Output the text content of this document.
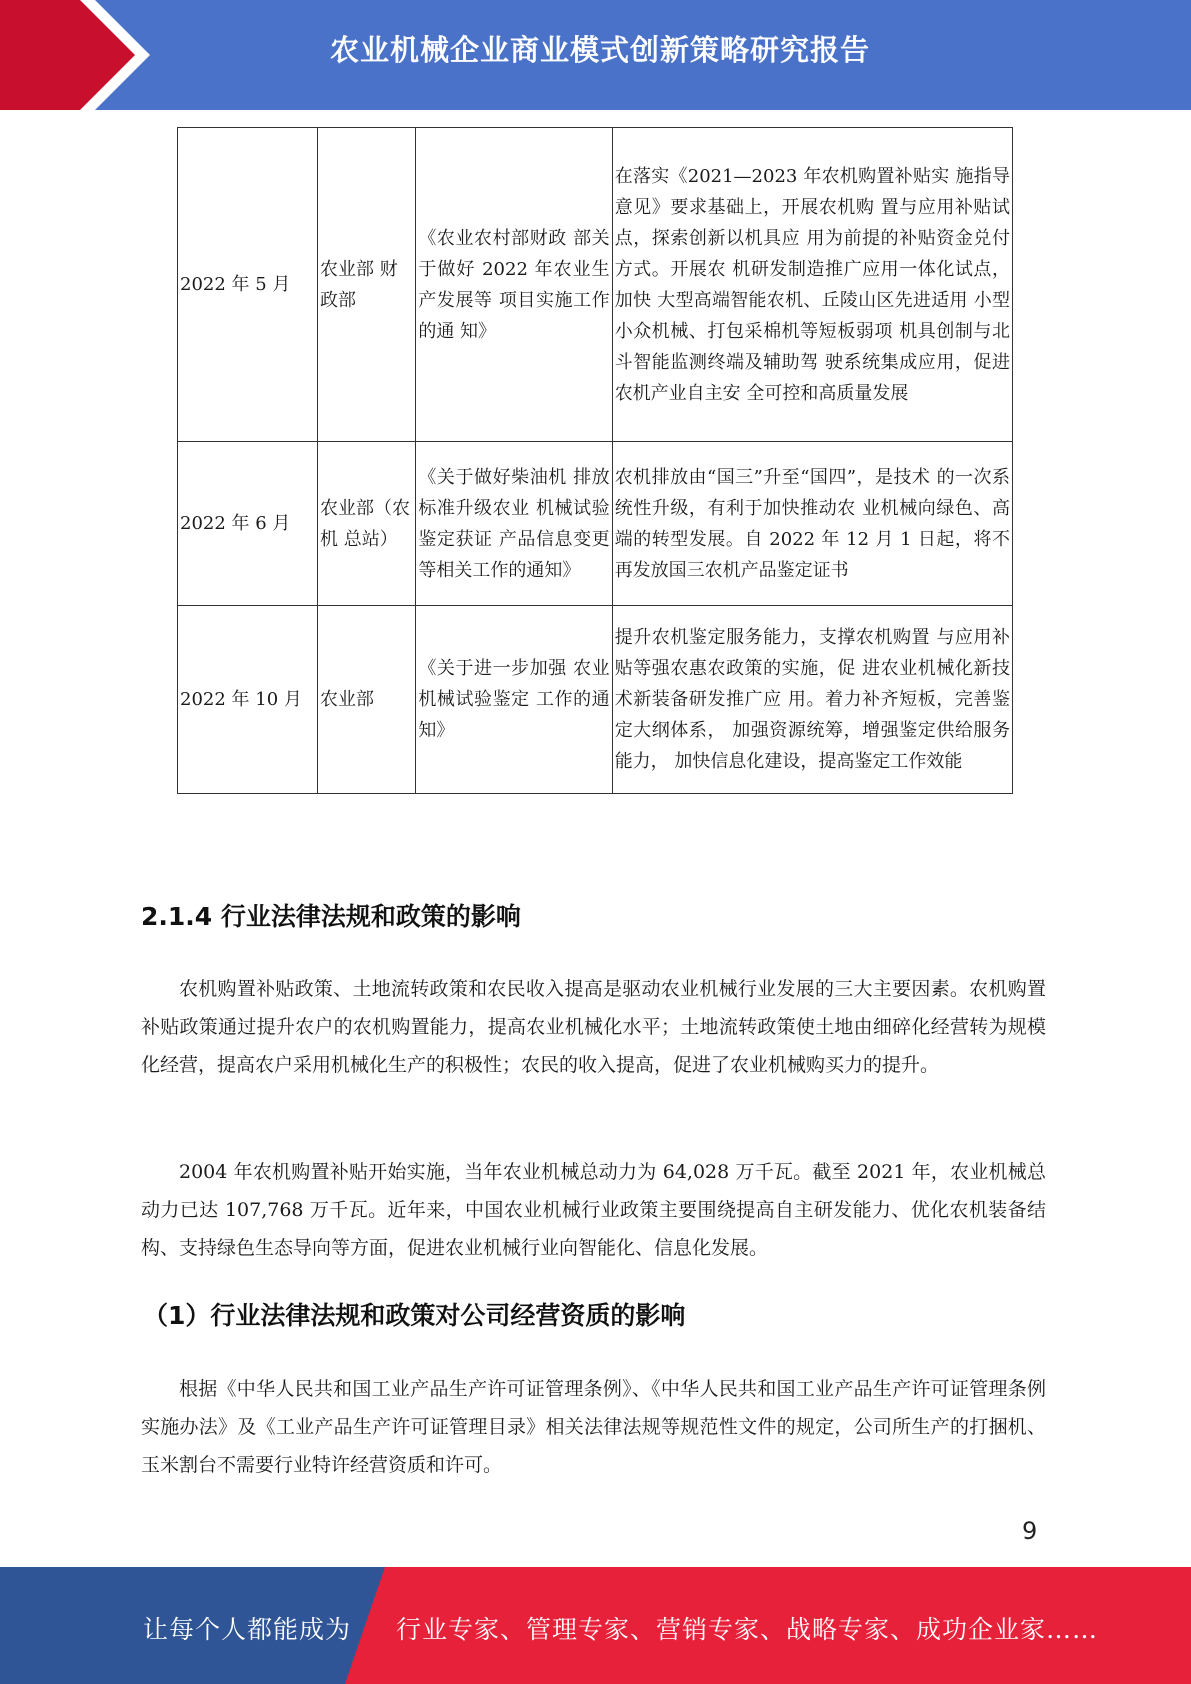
农业机械企业商业模式创新策略研究报告
2022 年 5 月	农业部 财政部	《农业农村部财政 部关于做好 2022 年农业生产发展等 项目实施工作的通 知》	在落实《2021—2023 年农机购置补贴实 施指导意见》要求基础上，开展农机购 置与应用补贴试点，探索创新以机具应 用为前提的补贴资金兑付方式。开展农 机研发制造推广应用一体化试点，加快 大型高端智能农机、丘陵山区先进适用 小型小众机械、打包采棉机等短板弱项 机具创制与北斗智能监测终端及辅助驾 驶系统集成应用，促进农机产业自主安 全可控和高质量发展
2022 年 6 月	农业部（农机 总站）	《关于做好柴油机 排放标准升级农业 机械试验鉴定获证 产品信息变更等相关工作的通知》	农机排放由“国三”升至“国四”，是技术 的一次系统性升级，有利于加快推动农 业机械向绿色、高端的转型发展。自 2022 年 12 月 1 日起，将不再发放国三农机产品鉴定证书
2022 年 10 月	农业部	《关于进一步加强 农业机械试验鉴定 工作的通知》	提升农机鉴定服务能力，支撑农机购置 与应用补贴等强农惠农政策的实施，促 进农业机械化新技术新装备研发推广应 用。着力补齐短板，完善鉴定大纲体系， 加强资源统筹，增强鉴定供给服务能力， 加快信息化建设，提高鉴定工作效能
2.1.4 行业法律法规和政策的影响
农机购置补贴政策、土地流转政策和农民收入提高是驱动农业机械行业发展的三大主要因素。农机购置补贴政策通过提升农户的农机购置能力，提高农业机械化水平；土地流转政策使土地由细碎化经营转为规模化经营，提高农户采用机械化生产的积极性；农民的收入提高，促进了农业机械购买力的提升。
2004 年农机购置补贴开始实施，当年农业机械总动力为 64,028 万千瓦。截至 2021 年，农业机械总动力已达 107,768 万千瓦。近年来，中国农业机械行业政策主要围绕提高自主研发能力、优化农机装备结构、支持绿色生态导向等方面，促进农业机械行业向智能化、信息化发展。
（1）行业法律法规和政策对公司经营资质的影响
根据《中华人民共和国工业产品生产许可证管理条例》、《中华人民共和国工业产品生产许可证管理条例实施办法》及《工业产品生产许可证管理目录》相关法律法规等规范性文件的规定，公司所生产的打捆机、玉米割台不需要行业特许经营资质和许可。
9
让每个人都能成为 行业专家、管理专家、营销专家、战略专家、成功企业家……
